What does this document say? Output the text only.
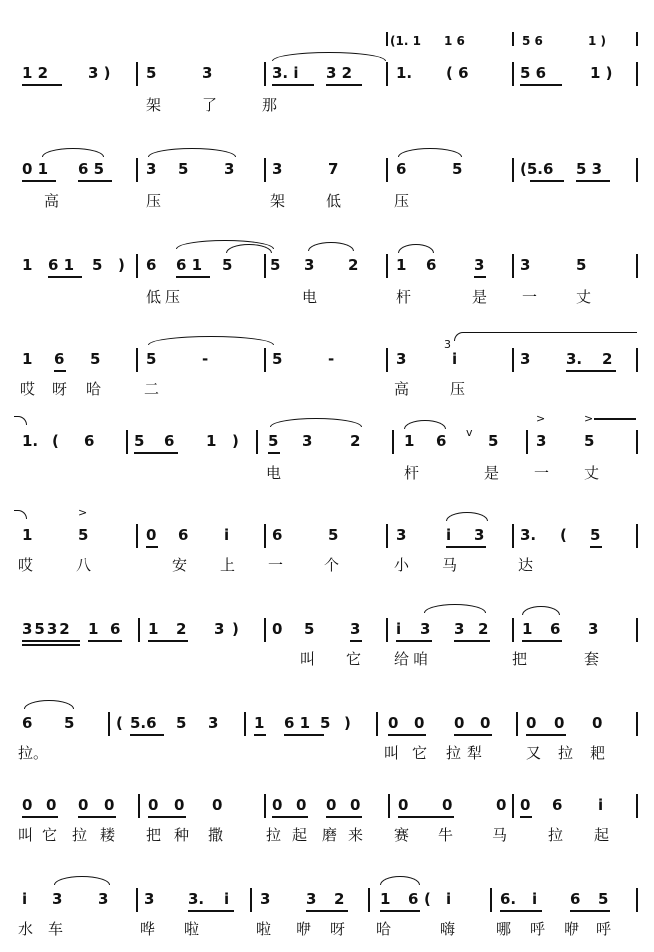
(1. 1 1 6	5 6	1 )
1 2	3 ) 5	3	3. i 3 2	1. ( 6	5 6	1 )
架	了	那
0 1 6 5	3 5 3	3	7	6	5	(5.6 5 3
高	压	架	低	压
1 6 1 5 ) 6 6 1 5	5 3 2	1 6	3 3	5
低压	电	杆	是 一	丈
1 6 5	5	-	5	-	3
3
i	3 3. 2
哎 呀 哈	二	高	压
1. ( 6	5 6 1 ) 5 3	2	1 6 v 5	3
>
5
>
电	杆	是 一 丈
1
>
5	0 6 i	6	5	3	i 3 3. ( 5
哎	八	安 上 一	个	小 马	达
3532 1 6 1 2 3 ) 0 5 3 i 3 3 2 1 6 3
叫 它 给咱	把	套
6 5	( 5.6 5 3 1 6 1 5 ) 0 0 0 0 0 0 0
拉。	叫 它 拉犁	又 拉 耙
0 0 0 0 0 0 0	0 0 0 0	0 0	0 0 6 i
叫 它 拉 耧 把 种 撒	拉 起 磨 来 赛 牛	马	拉 起
i 3 3 3 3. i 3 3 2 1 6 ( i	6. i 6 5
水 车	哗 啦	啦 咿 呀 哈	嗨	哪 呼 咿 呼
